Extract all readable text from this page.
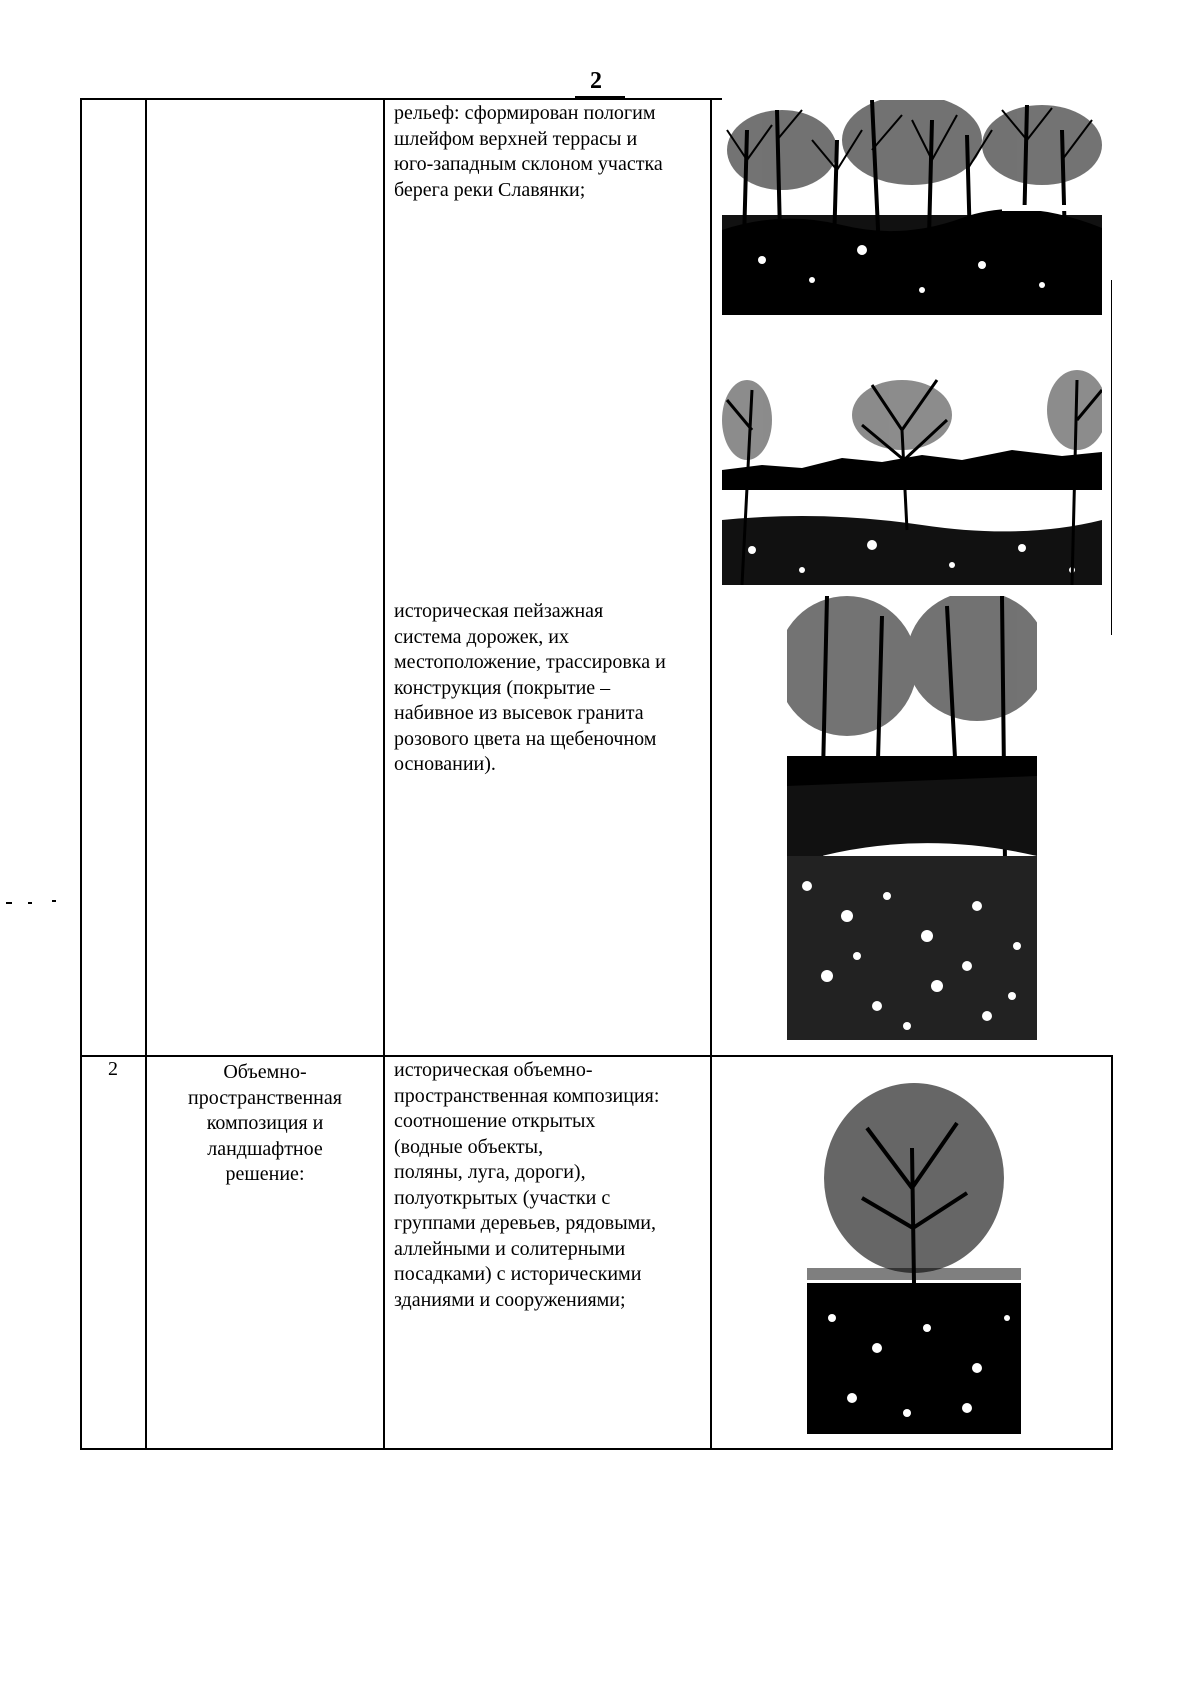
2
рельеф: сформирован пологим
шлейфом верхней террасы и
юго-западным склоном участка
берега реки Славянки;
историческая пейзажная
система дорожек, их
местоположение, трассировка и
конструкция (покрытие –
набивное из высевок гранита
розового цвета на щебеночном
основании).
2	Объемно-
пространственная
композиция и
ландшафтное
решение:
историческая объемно-
пространственная композиция:
соотношение открытых
(водные объекты,
поляны, луга, дороги),
полуоткрытых (участки с
группами деревьев, рядовыми,
аллейными и солитерными
посадками) с историческими
зданиями и сооружениями;
